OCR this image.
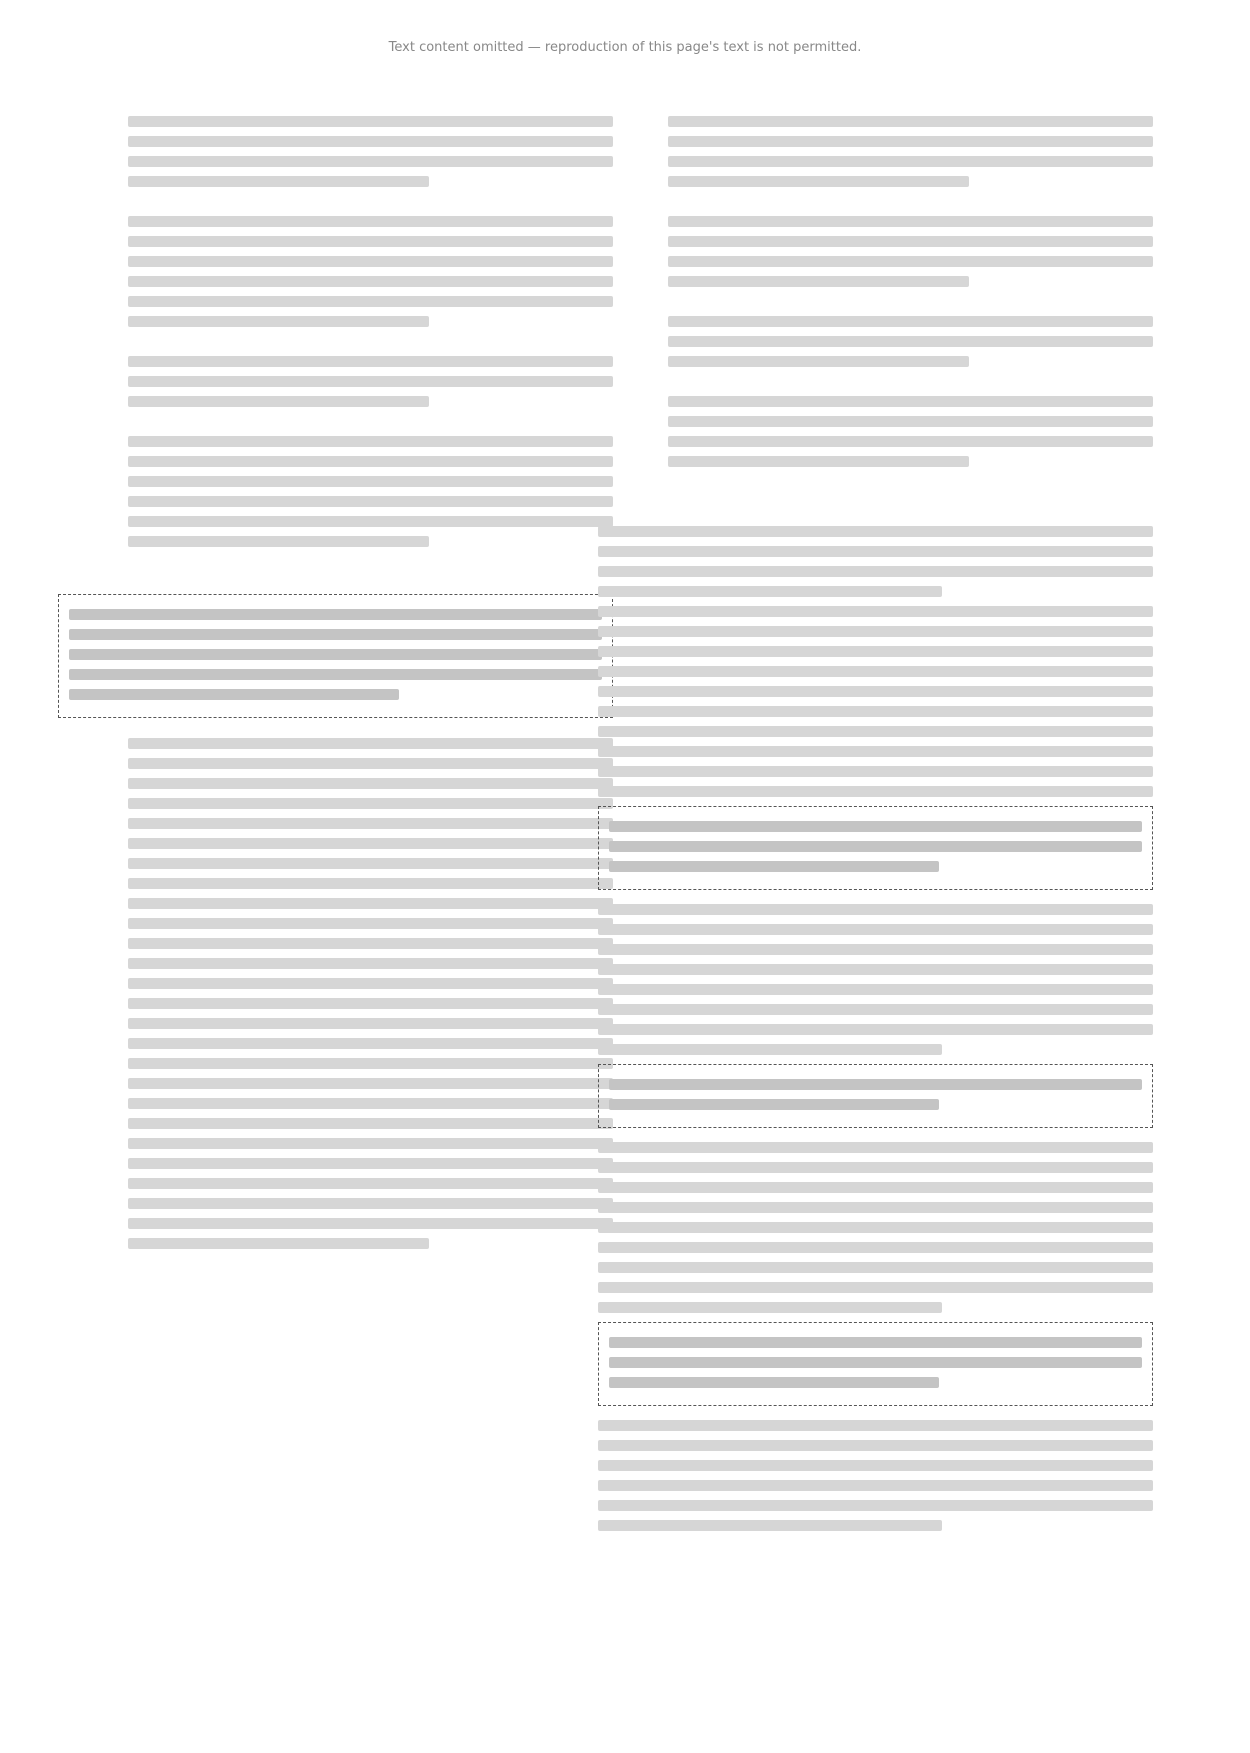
Text content omitted — reproduction of this page's text is not permitted.
